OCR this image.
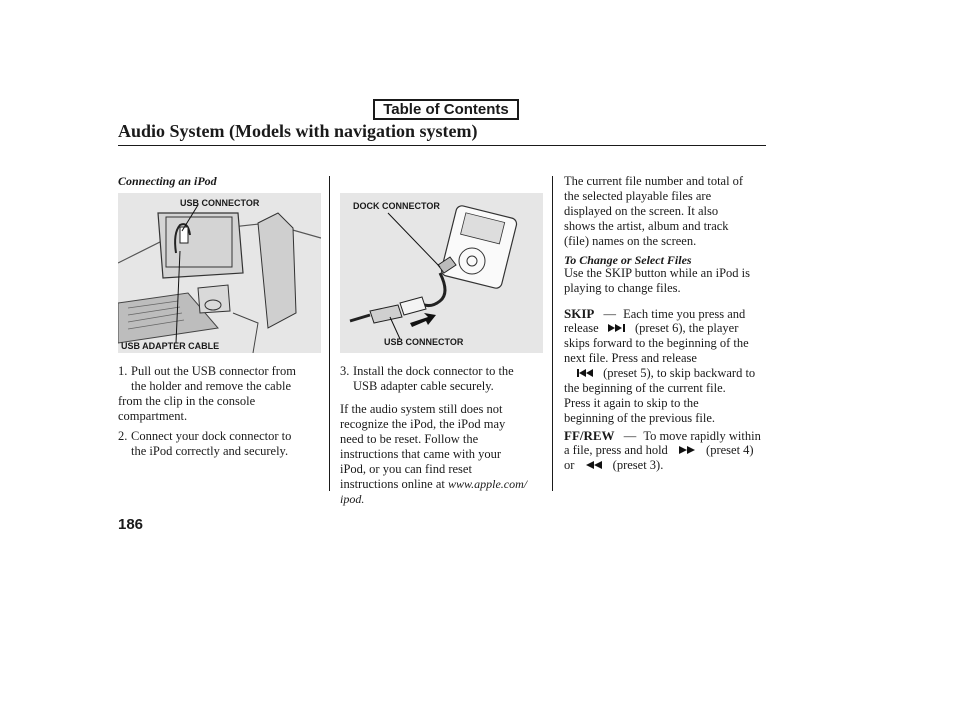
Table of Contents
Audio System (Models with navigation system)
Connecting an iPod
USB CONNECTOR
USB ADAPTER CABLE
1. Pull out the USB connector from
the holder and remove the cable
from the clip in the console
compartment.
2. Connect your dock connector to
the iPod correctly and securely.
DOCK CONNECTOR
USB CONNECTOR
3. Install the dock connector to the
USB adapter cable securely.
If the audio system still does not
recognize the iPod, the iPod may
need to be reset. Follow the
instructions that came with your
iPod, or you can find reset
instructions online at www.apple.com/
ipod.
The current file number and total of
the selected playable files are
displayed on the screen. It also
shows the artist, album and track
(file) names on the screen.
To Change or Select Files
Use the SKIP button while an iPod is
playing to change files.
SKIP — Each time you press and
release	(preset 6), the player
skips forward to the beginning of the
next file. Press and release
(preset 5), to skip backward to
the beginning of the current file.
Press it again to skip to the
beginning of the previous file.
FF/REW — To move rapidly within
a file, press and hold	(preset 4)
or	(preset 3).
186
